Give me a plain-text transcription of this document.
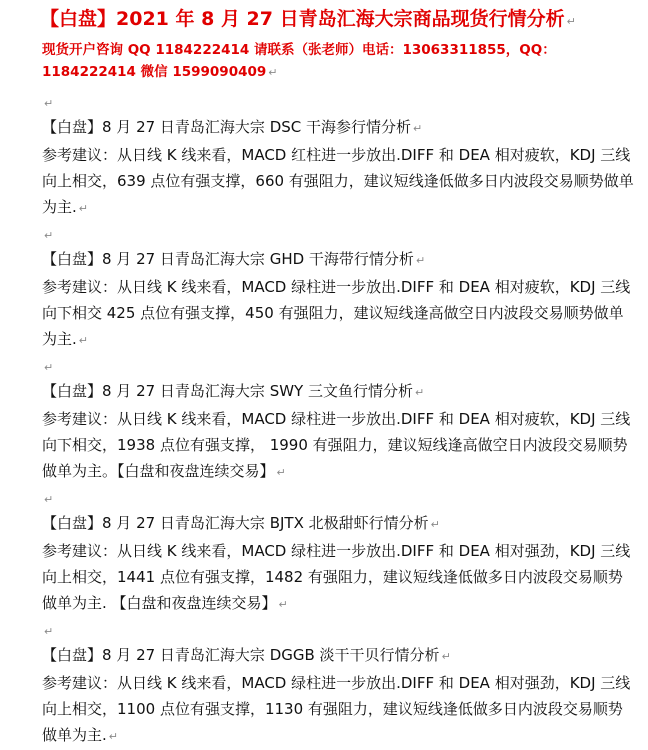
【白盘】2021 年 8 月 27 日青岛汇海大宗商品现货行情分析 ↵
现货开户咨询 QQ 1184222414 请联系（张老师）电话：13063311855，QQ：1184222414 微信 1599090409 ↵
↵
【白盘】8 月 27 日青岛汇海大宗 DSC 干海参行情分析 ↵
参考建议：从日线 K 线来看，MACD 红柱进一步放出.DIFF 和 DEA 相对疲软，KDJ 三线向上相交，639 点位有强支撑，660 有强阻力，建议短线逢低做多日内波段交易顺势做单为主. ↵
↵
【白盘】8 月 27 日青岛汇海大宗 GHD 干海带行情分析 ↵
参考建议：从日线 K 线来看，MACD 绿柱进一步放出.DIFF 和 DEA 相对疲软，KDJ 三线向下相交 425 点位有强支撑，450 有强阻力，建议短线逢高做空日内波段交易顺势做单为主. ↵
↵
【白盘】8 月 27 日青岛汇海大宗 SWY 三文鱼行情分析 ↵
参考建议：从日线 K 线来看，MACD 绿柱进一步放出.DIFF 和 DEA 相对疲软，KDJ 三线向下相交，1938 点位有强支撑， 1990 有强阻力，建议短线逢高做空日内波段交易顺势做单为主。【白盘和夜盘连续交易】 ↵
↵
【白盘】8 月 27 日青岛汇海大宗 BJTX 北极甜虾行情分析 ↵
参考建议：从日线 K 线来看，MACD 绿柱进一步放出.DIFF 和 DEA 相对强劲，KDJ 三线向上相交，1441 点位有强支撑，1482 有强阻力，建议短线逢低做多日内波段交易顺势做单为主. 【白盘和夜盘连续交易】 ↵
↵
【白盘】8 月 27 日青岛汇海大宗 DGGB 淡干干贝行情分析 ↵
参考建议：从日线 K 线来看，MACD 绿柱进一步放出.DIFF 和 DEA 相对强劲，KDJ 三线向上相交，1100 点位有强支撑，1130 有强阻力，建议短线逢低做多日内波段交易顺势做单为主. ↵
